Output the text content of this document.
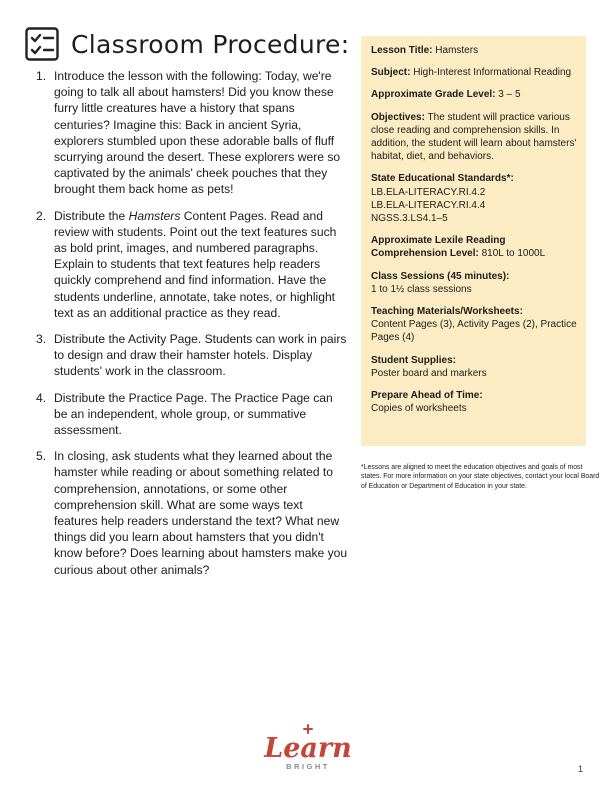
Classroom Procedure:
1. Introduce the lesson with the following: Today, we're going to talk all about hamsters! Did you know these furry little creatures have a history that spans centuries? Imagine this: Back in ancient Syria, explorers stumbled upon these adorable balls of fluff scurrying around the desert. These explorers were so captivated by the animals' cheek pouches that they brought them back home as pets!
2. Distribute the Hamsters Content Pages. Read and review with students. Point out the text features such as bold print, images, and numbered paragraphs. Explain to students that text features help readers quickly comprehend and find information. Have the students underline, annotate, take notes, or highlight text as an additional practice as they read.
3. Distribute the Activity Page. Students can work in pairs to design and draw their hamster hotels. Display students' work in the classroom.
4. Distribute the Practice Page. The Practice Page can be an independent, whole group, or summative assessment.
5. In closing, ask students what they learned about the hamster while reading or about something related to comprehension, annotations, or some other comprehension skill. What are some ways text features help readers understand the text? What new things did you learn about hamsters that you didn't know before? Does learning about hamsters make you curious about other animals?
Lesson Title: Hamsters
Subject: High-Interest Informational Reading
Approximate Grade Level: 3 – 5
Objectives: The student will practice various close reading and comprehension skills. In addition, the student will learn about hamsters' habitat, diet, and behaviors.
State Educational Standards*:
LB.ELA-LITERACY.RI.4.2
LB.ELA-LITERACY.RI.4.4
NGSS.3.LS4.1–5
Approximate Lexile Reading Comprehension Level: 810L to 1000L
Class Sessions (45 minutes):
1 to 1½ class sessions
Teaching Materials/Worksheets:
Content Pages (3), Activity Pages (2), Practice Pages (4)
Student Supplies:
Poster board and markers
Prepare Ahead of Time:
Copies of worksheets

*Lessons are aligned to meet the education objectives and goals of most states. For more information on your state objectives, contact your local Board of Education or Department of Education in your state.

Learn
BRIGHT	1
